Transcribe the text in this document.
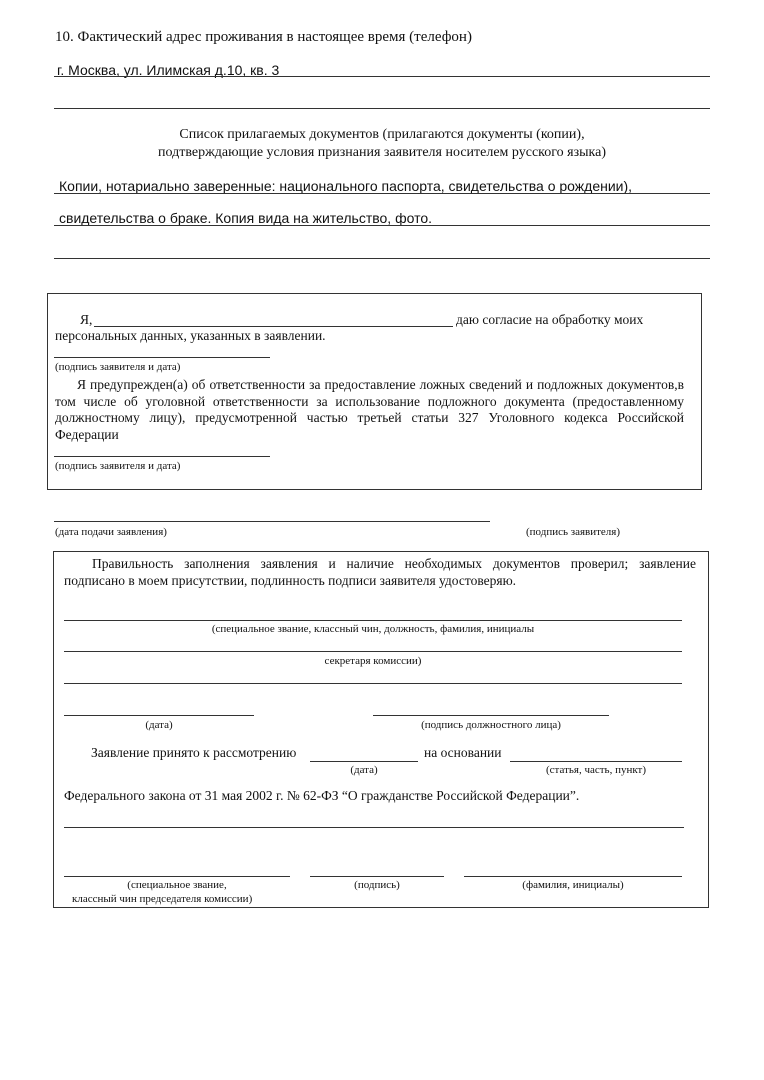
10. Фактический адрес проживания в настоящее время (телефон)
г. Москва, ул. Илимская д.10, кв. 3
Список прилагаемых документов (прилагаются документы (копии),
подтверждающие условия признания заявителя носителем русского языка)
Копии, нотариально заверенные: национального паспорта, свидетельства о рождении),
свидетельства о браке. Копия вида на жительство, фото.
Я,	даю согласие на обработку моих
персональных данных, указанных в заявлении.
(подпись заявителя и дата)
Я предупрежден(а) об ответственности за предоставление ложных сведений и подложных документов,в том числе об уголовной ответственности за использование подложного документа (предоставленному должностному лицу), предусмотренной частью третьей статьи 327 Уголовного кодекса Российской Федерации
(подпись заявителя и дата)
(дата подачи заявления)	(подпись заявителя)
Правильность заполнения заявления и наличие необходимых документов проверил; заявление подписано в моем присутствии, подлинность подписи заявителя удостоверяю.
(специальное звание, классный чин, должность, фамилия, инициалы
секретаря комиссии)
(дата)	(подпись должностного лица)
Заявление принято к рассмотрению	на основании
(дата)	(статья, часть, пункт)
Федерального закона от 31 мая 2002 г. № 62-ФЗ “О гражданстве Российской Федерации”.
(специальное звание,
классный чин председателя комиссии)
(подпись)	(фамилия, инициалы)
